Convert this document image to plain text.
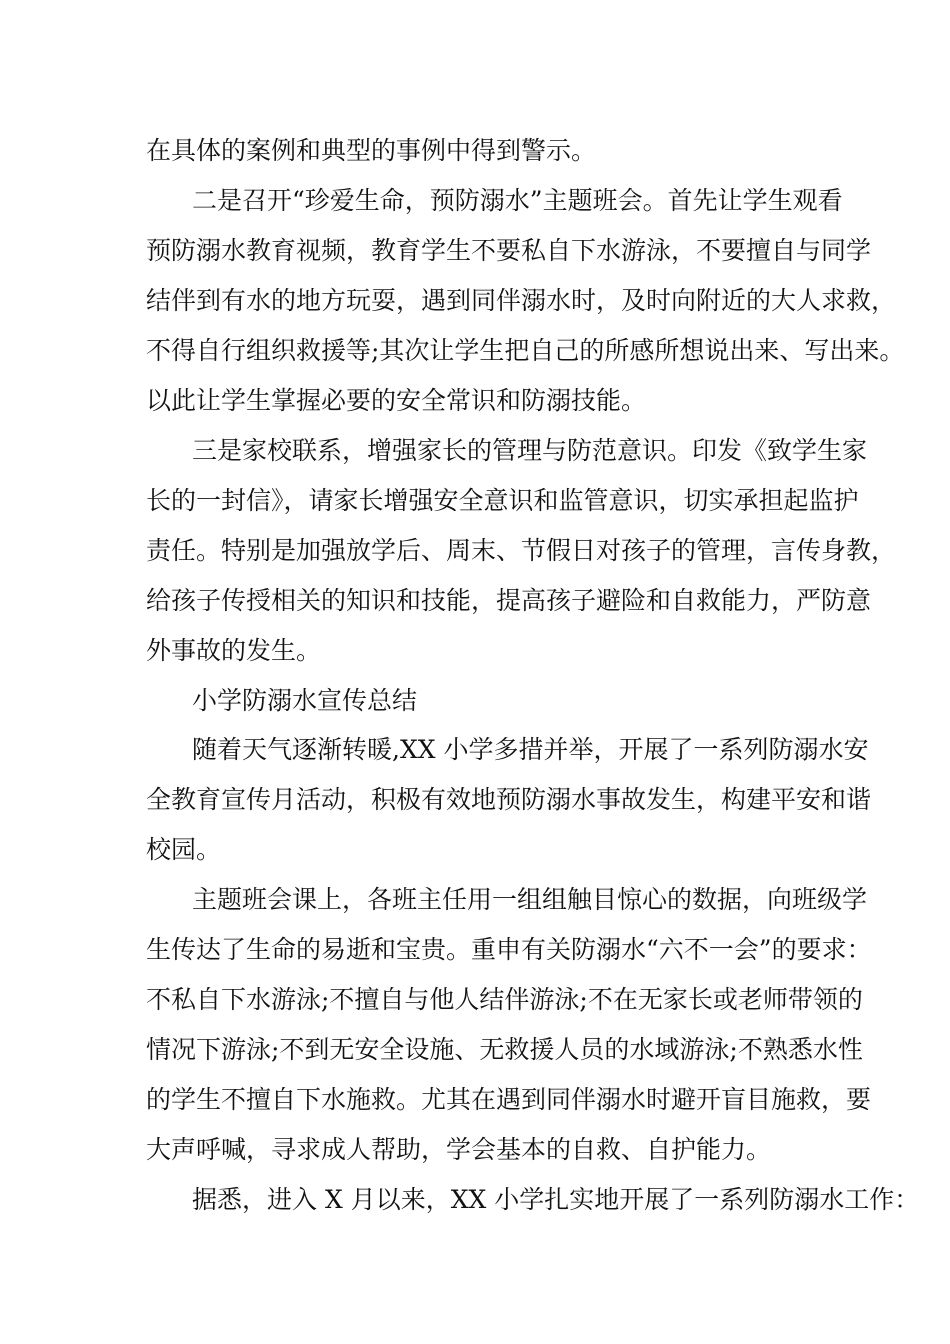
在具体的案例和典型的事例中得到警示。
二是召开“珍爱生命，预防溺水”主题班会。首先让学生观看
预防溺水教育视频，教育学生不要私自下水游泳，不要擅自与同学
结伴到有水的地方玩耍，遇到同伴溺水时，及时向附近的大人求救，
不得自行组织救援等;其次让学生把自己的所感所想说出来、写出来。
以此让学生掌握必要的安全常识和防溺技能。
三是家校联系，增强家长的管理与防范意识。印发《致学生家
长的一封信》，请家长增强安全意识和监管意识，切实承担起监护
责任。特别是加强放学后、周末、节假日对孩子的管理，言传身教，
给孩子传授相关的知识和技能，提高孩子避险和自救能力，严防意
外事故的发生。
小学防溺水宣传总结
随着天气逐渐转暖,XX 小学多措并举，开展了一系列防溺水安
全教育宣传月活动，积极有效地预防溺水事故发生，构建平安和谐
校园。
主题班会课上，各班主任用一组组触目惊心的数据，向班级学
生传达了生命的易逝和宝贵。重申有关防溺水“六不一会”的要求：
不私自下水游泳;不擅自与他人结伴游泳;不在无家长或老师带领的
情况下游泳;不到无安全设施、无救援人员的水域游泳;不熟悉水性
的学生不擅自下水施救。尤其在遇到同伴溺水时避开盲目施救，要
大声呼喊，寻求成人帮助，学会基本的自救、自护能力。
据悉，进入 X 月以来，XX 小学扎实地开展了一系列防溺水工作：
